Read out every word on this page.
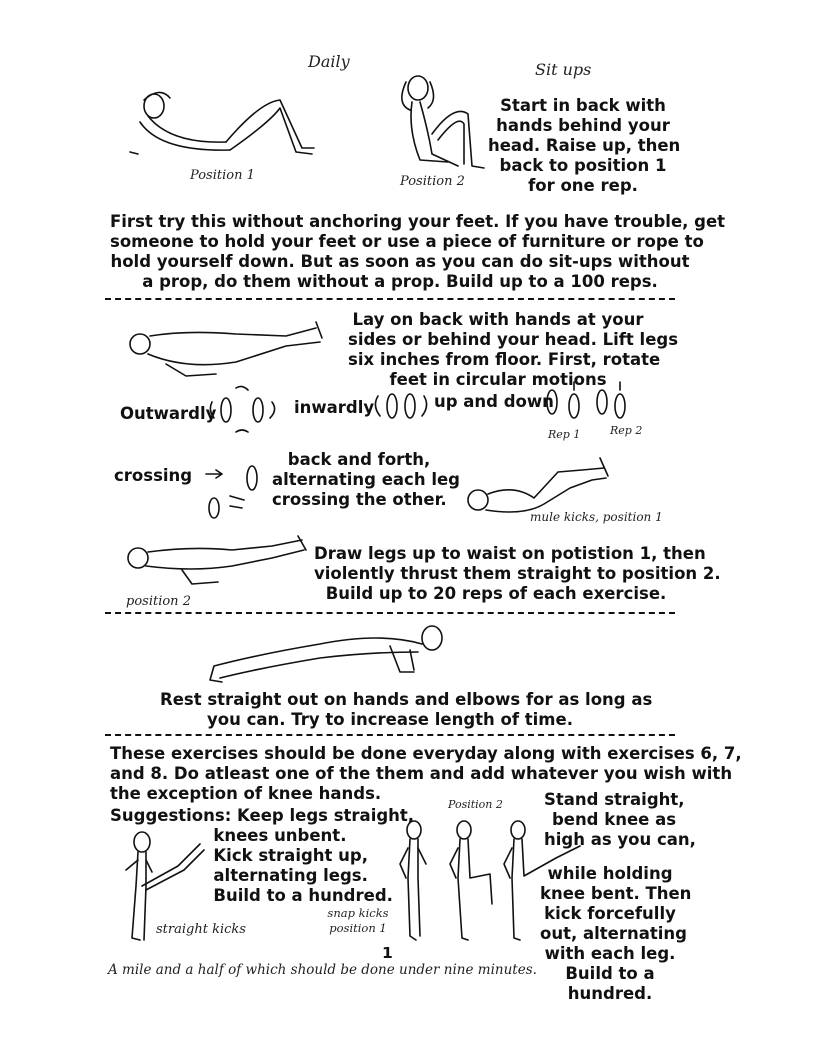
Daily	Sit ups
Position 1	Position 2
Start in back with
hands behind your
head. Raise up, then
back to position 1
for one rep.
First try this without anchoring your feet. If you have trouble, get
someone to hold your feet or use a piece of furniture or rope to
hold yourself down. But as soon as you can do sit-ups without
a prop, do them without a prop. Build up to a 100 reps.
Lay on back with hands at your
sides or behind your head. Lift legs
six inches from floor. First, rotate
feet in circular motions
Outwardly	inwardly	up and down
Rep 1	Rep 2
crossing
back and forth,
alternating each leg
crossing the other.
mule kicks, position 1
position 2
Draw legs up to waist on potistion 1, then
violently thrust them straight to position 2.
Build up to 20 reps of each exercise.
Rest straight out on hands and elbows for as long as
you can. Try to increase length of time.
These exercises should be done everyday along with exercises 6, 7,
and 8. Do atleast one of the them and add whatever you wish with
the exception of knee hands.
Suggestions: Keep legs straight,
knees unbent.
Kick straight up,
alternating legs.
Build to a hundred.
straight kicks
snap kicks
position 1
Position 2 Stand straight,
bend knee as
high as you can,
while holding
knee bent. Then
kick forcefully
out, alternating
with each leg.
Build to a
hundred.
1
A mile and a half of which should be done under nine minutes.
